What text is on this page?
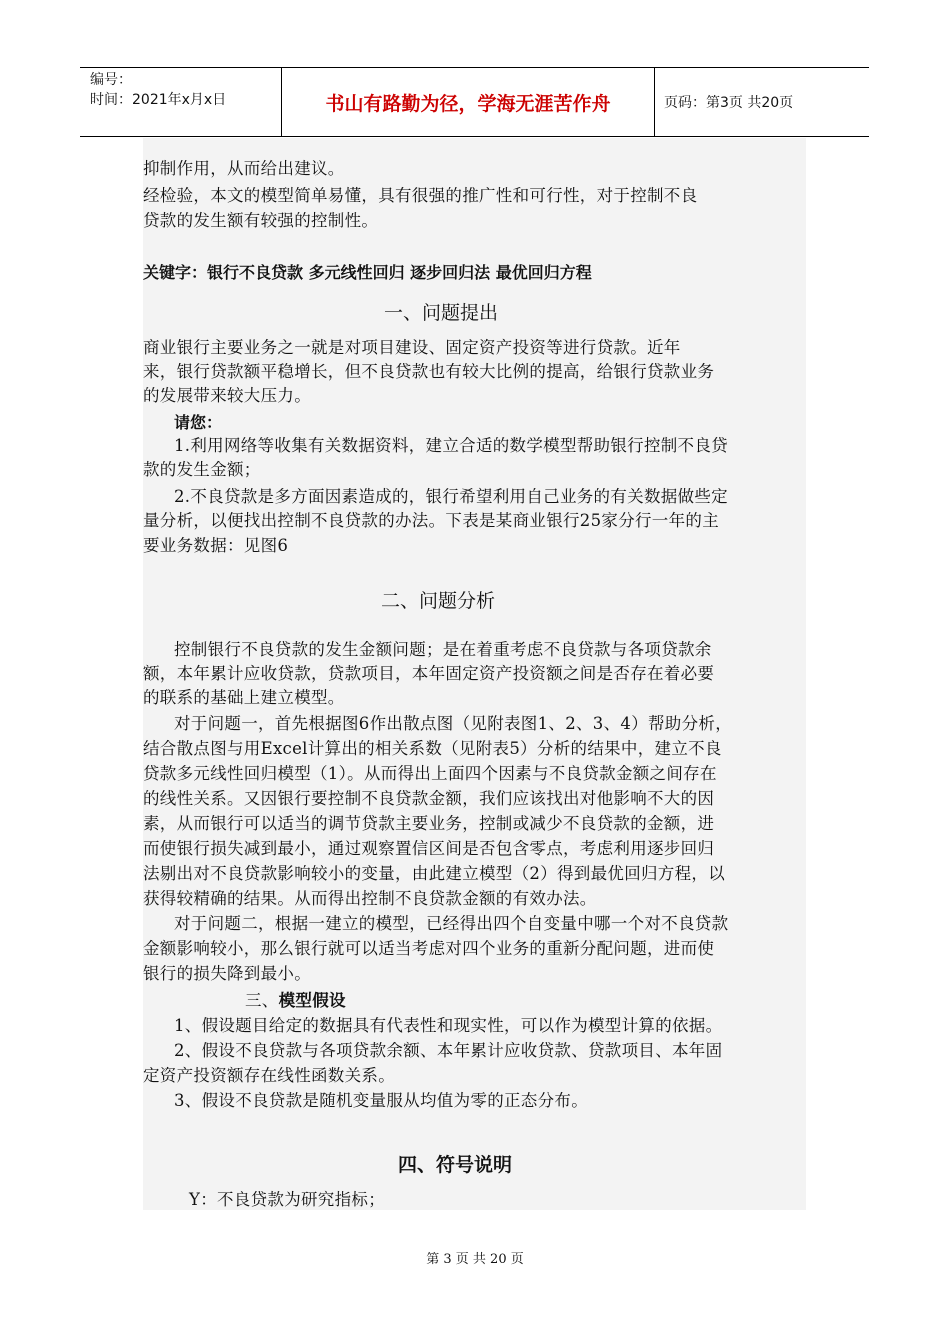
编号：
时间：2021年x月x日	书山有路勤为径，学海无涯苦作舟	页码：第3页 共20页
抑制作用，从而给出建议。
经检验，本文的模型简单易懂，具有很强的推广性和可行性，对于控制不良
贷款的发生额有较强的控制性。
关键字：银行不良贷款 多元线性回归 逐步回归法 最优回归方程
一、问题提出
商业银行主要业务之一就是对项目建设、固定资产投资等进行贷款。近年
来，银行贷款额平稳增长，但不良贷款也有较大比例的提高，给银行贷款业务
的发展带来较大压力。
请您：
1.利用网络等收集有关数据资料，建立合适的数学模型帮助银行控制不良贷
款的发生金额；
2.不良贷款是多方面因素造成的，银行希望利用自己业务的有关数据做些定
量分析，以便找出控制不良贷款的办法。下表是某商业银行25家分行一年的主
要业务数据：见图6
二、问题分析
控制银行不良贷款的发生金额问题；是在着重考虑不良贷款与各项贷款余
额，本年累计应收贷款，贷款项目，本年固定资产投资额之间是否存在着必要
的联系的基础上建立模型。
对于问题一，首先根据图6作出散点图（见附表图1、2、3、4）帮助分析，
结合散点图与用Excel计算出的相关系数（见附表5）分析的结果中，建立不良
贷款多元线性回归模型（1）。从而得出上面四个因素与不良贷款金额之间存在
的线性关系。又因银行要控制不良贷款金额，我们应该找出对他影响不大的因
素，从而银行可以适当的调节贷款主要业务，控制或减少不良贷款的金额，进
而使银行损失减到最小，通过观察置信区间是否包含零点，考虑利用逐步回归
法剔出对不良贷款影响较小的变量，由此建立模型（2）得到最优回归方程，以
获得较精确的结果。从而得出控制不良贷款金额的有效办法。
对于问题二，根据一建立的模型，已经得出四个自变量中哪一个对不良贷款
金额影响较小，那么银行就可以适当考虑对四个业务的重新分配问题，进而使
银行的损失降到最小。
三、模型假设
1、假设题目给定的数据具有代表性和现实性，可以作为模型计算的依据。
2、假设不良贷款与各项贷款余额、本年累计应收贷款、贷款项目、本年固
定资产投资额存在线性函数关系。
3、假设不良贷款是随机变量服从均值为零的正态分布。
四、符号说明
Y：不良贷款为研究指标；
第 3 页 共 20 页
